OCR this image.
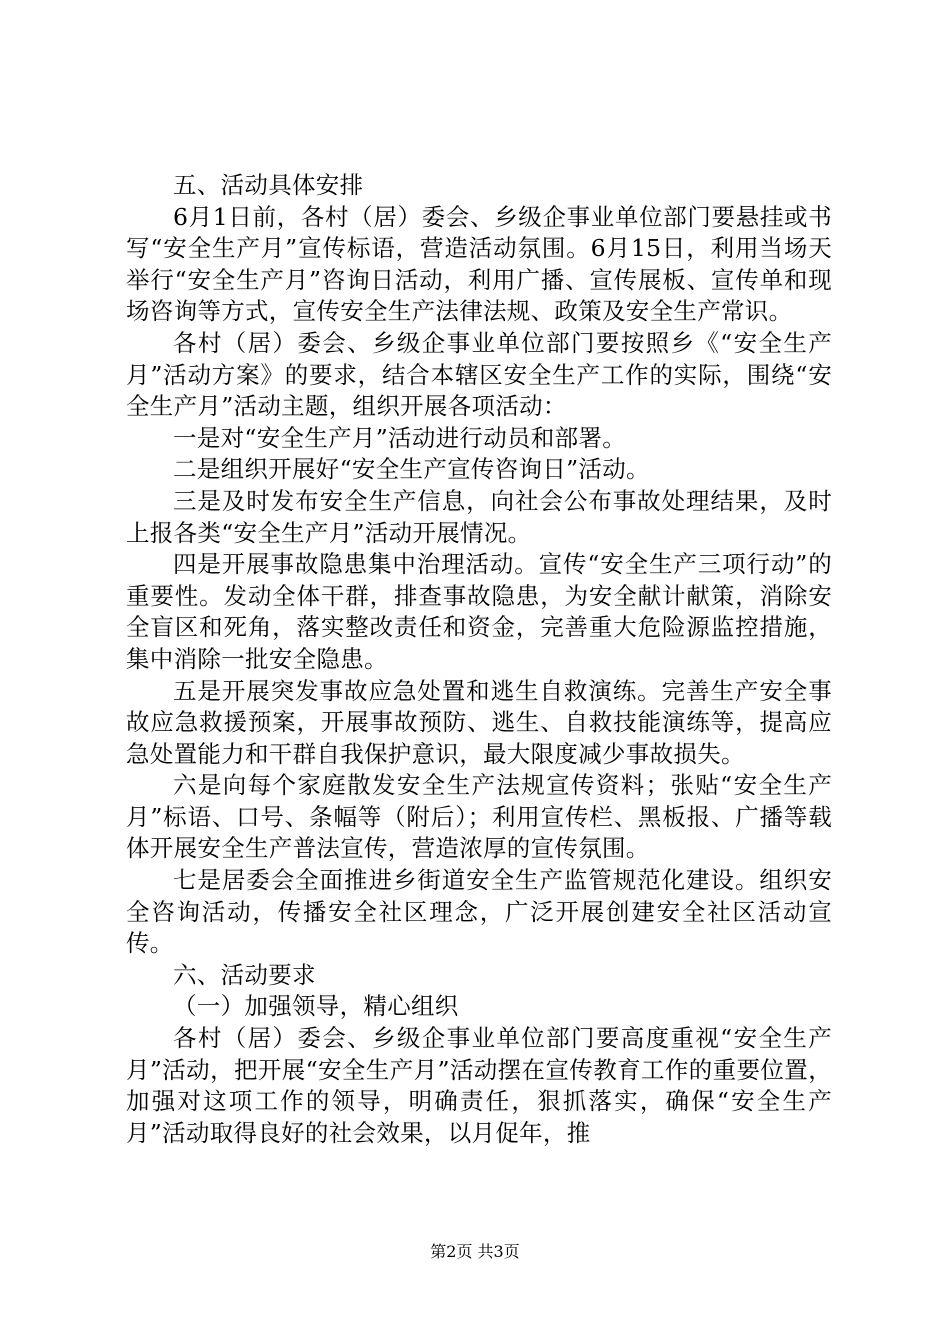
五、活动具体安排

6月1日前，各村（居）委会、乡级企事业单位部门要悬挂或书写“安全生产月”宣传标语，营造活动氛围。6月15日，利用当场天举行“安全生产月”咨询日活动，利用广播、宣传展板、宣传单和现场咨询等方式，宣传安全生产法律法规、政策及安全生产常识。

各村（居）委会、乡级企事业单位部门要按照乡《“安全生产月”活动方案》的要求，结合本辖区安全生产工作的实际，围绕“安全生产月”活动主题，组织开展各项活动：

一是对“安全生产月”活动进行动员和部署。

二是组织开展好“安全生产宣传咨询日”活动。

三是及时发布安全生产信息，向社会公布事故处理结果，及时上报各类“安全生产月”活动开展情况。

四是开展事故隐患集中治理活动。宣传“安全生产三项行动”的重要性。发动全体干群，排查事故隐患，为安全献计献策，消除安全盲区和死角，落实整改责任和资金，完善重大危险源监控措施，集中消除一批安全隐患。

五是开展突发事故应急处置和逃生自救演练。完善生产安全事故应急救援预案，开展事故预防、逃生、自救技能演练等，提高应急处置能力和干群自我保护意识，最大限度减少事故损失。

六是向每个家庭散发安全生产法规宣传资料；张贴“安全生产月”标语、口号、条幅等（附后）；利用宣传栏、黑板报、广播等载体开展安全生产普法宣传，营造浓厚的宣传氛围。

七是居委会全面推进乡街道安全生产监管规范化建设。组织安全咨询活动，传播安全社区理念，广泛开展创建安全社区活动宣传。

六、活动要求

（一）加强领导，精心组织

各村（居）委会、乡级企事业单位部门要高度重视“安全生产月”活动，把开展“安全生产月”活动摆在宣传教育工作的重要位置，加强对这项工作的领导，明确责任，狠抓落实，确保“安全生产月”活动取得良好的社会效果，以月促年，推

第2页 共3页
